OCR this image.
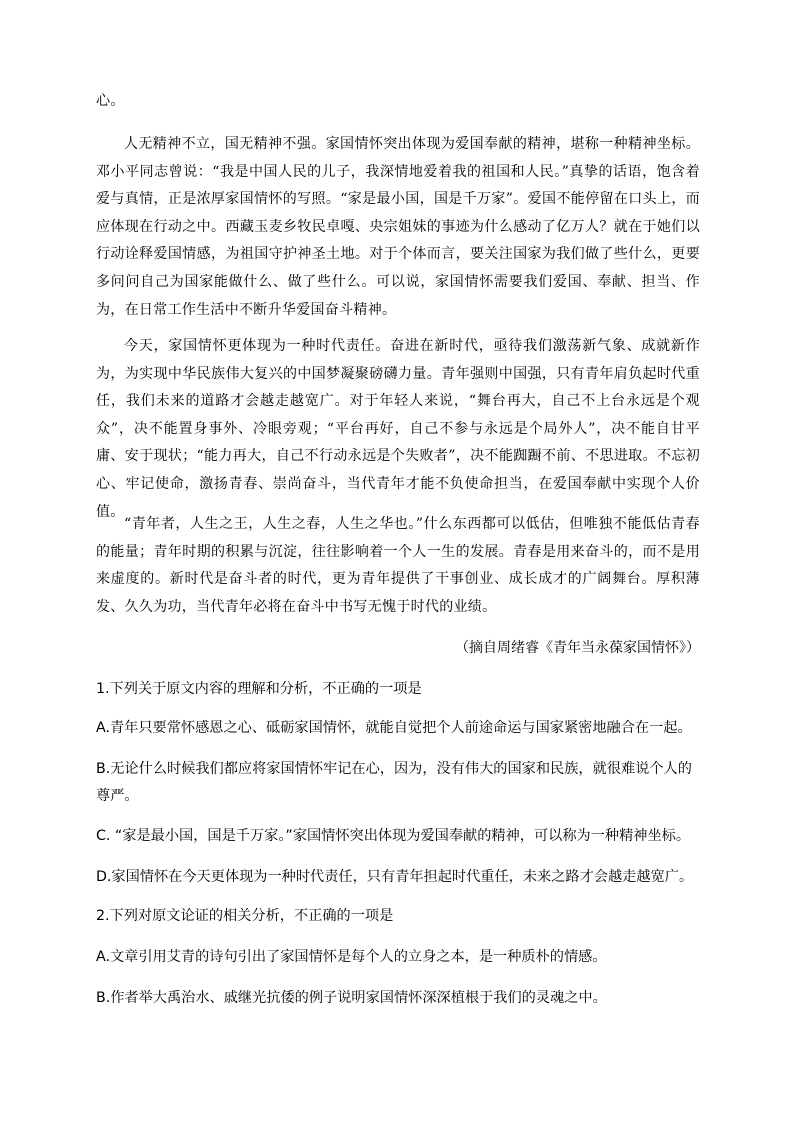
心。

人无精神不立，国无精神不强。家国情怀突出体现为爱国奉献的精神，堪称一种精神坐标。邓小平同志曾说：“我是中国人民的儿子，我深情地爱着我的祖国和人民。”真挚的话语，饱含着爱与真情，正是浓厚家国情怀的写照。“家是最小国，国是千万家”。爱国不能停留在口头上，而应体现在行动之中。西藏玉麦乡牧民卓嘎、央宗姐妹的事迹为什么感动了亿万人？就在于她们以行动诠释爱国情感，为祖国守护神圣土地。对于个体而言，要关注国家为我们做了些什么，更要多问问自己为国家能做什么、做了些什么。可以说，家国情怀需要我们爱国、奉献、担当、作为，在日常工作生活中不断升华爱国奋斗精神。

今天，家国情怀更体现为一种时代责任。奋进在新时代，亟待我们激荡新气象、成就新作为，为实现中华民族伟大复兴的中国梦凝聚磅礴力量。青年强则中国强，只有青年肩负起时代重任，我们未来的道路才会越走越宽广。对于年轻人来说，“舞台再大，自己不上台永远是个观众”，决不能置身事外、冷眼旁观；“平台再好，自己不参与永远是个局外人”，决不能自甘平庸、安于现状；“能力再大，自己不行动永远是个失败者”，决不能踟蹰不前、不思进取。不忘初心、牢记使命，激扬青春、崇尚奋斗，当代青年才能不负使命担当，在爱国奉献中实现个人价值。

“青年者，人生之王，人生之春，人生之华也。”什么东西都可以低估，但唯独不能低估青春的能量；青年时期的积累与沉淀，往往影响着一个人一生的发展。青春是用来奋斗的，而不是用来虚度的。新时代是奋斗者的时代，更为青年提供了干事创业、成长成才的广阔舞台。厚积薄发、久久为功，当代青年必将在奋斗中书写无愧于时代的业绩。

（摘自周绪睿《青年当永葆家国情怀》）

1.下列关于原文内容的理解和分析，不正确的一项是

A.青年只要常怀感恩之心、砥砺家国情怀，就能自觉把个人前途命运与国家紧密地融合在一起。

B.无论什么时候我们都应将家国情怀牢记在心，因为，没有伟大的国家和民族，就很难说个人的尊严。

C. “家是最小国，国是千万家。”家国情怀突出体现为爱国奉献的精神，可以称为一种精神坐标。

D.家国情怀在今天更体现为一种时代责任，只有青年担起时代重任，未来之路才会越走越宽广。

2.下列对原文论证的相关分析，不正确的一项是

A.文章引用艾青的诗句引出了家国情怀是每个人的立身之本，是一种质朴的情感。

B.作者举大禹治水、戚继光抗倭的例子说明家国情怀深深植根于我们的灵魂之中。
